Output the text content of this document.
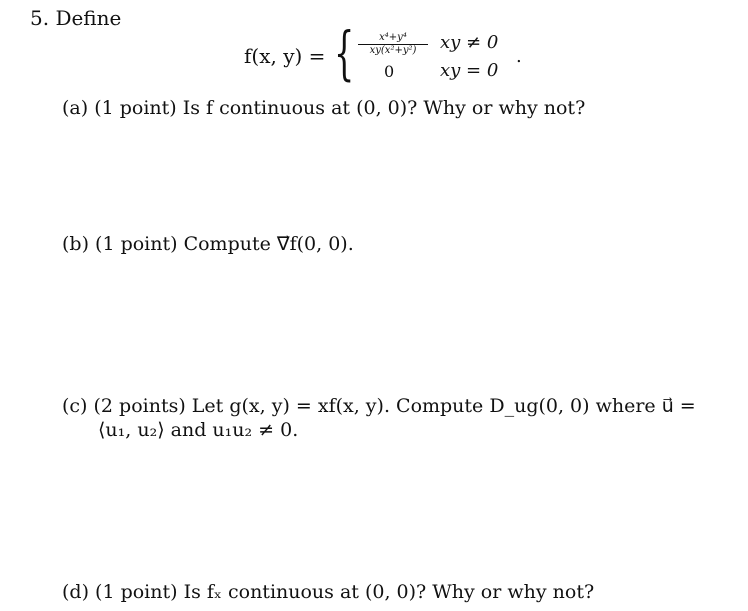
5. Define
f(x, y) = { $\frac{\text{x⁴+y⁴}}{\text{xy(x²+y²)}}$ xy ≠ 0
0	xy = 0
.
(a) (1 point) Is f continuous at (0, 0)? Why or why not?
(b) (1 point) Compute ∇⃗f(0, 0).
(c) (2 points) Let g(x, y) = xf(x, y). Compute D_ug(0, 0) where u⃗ =
⟨u₁, u₂⟩ and u₁u₂ ≠ 0.
(d) (1 point) Is fₓ continuous at (0, 0)? Why or why not?
